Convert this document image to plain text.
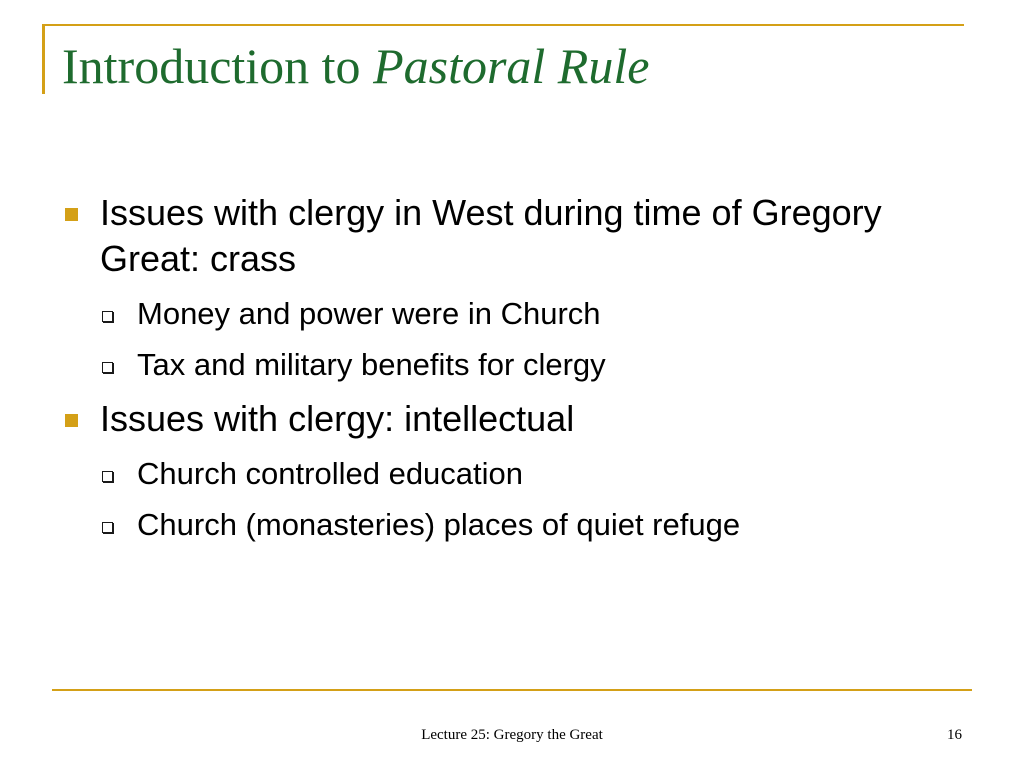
Introduction to Pastoral Rule
Issues with clergy in West during time of Gregory Great: crass
Money and power were in Church
Tax and military benefits for clergy
Issues with clergy: intellectual
Church controlled education
Church (monasteries) places of quiet refuge
Lecture 25: Gregory the Great	16
